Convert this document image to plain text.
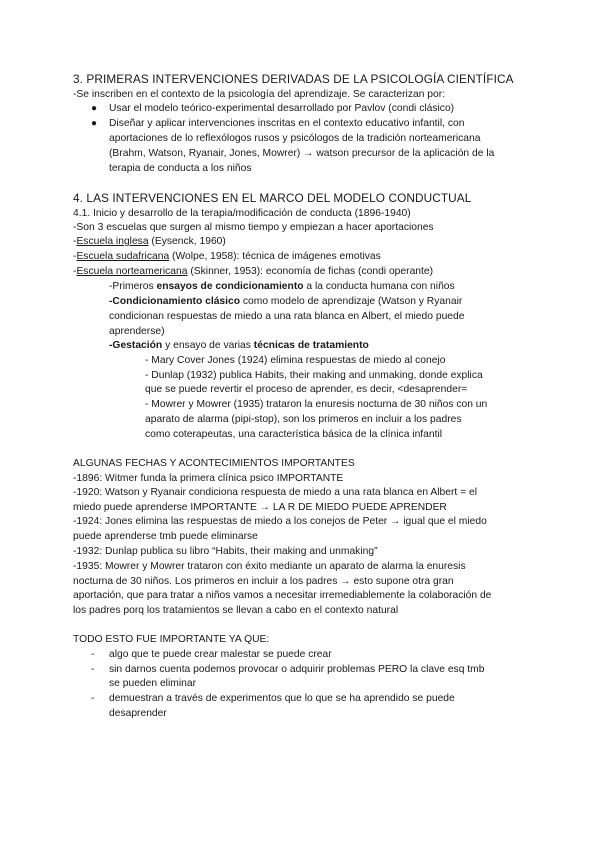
3. PRIMERAS INTERVENCIONES DERIVADAS DE LA PSICOLOGÍA CIENTÍFICA
-Se inscriben en el contexto de la psicología del aprendizaje. Se caracterizan por:
● Usar el modelo teórico-experimental desarrollado por Pavlov (condi clásico)
● Diseñar y aplicar intervenciones inscritas en el contexto educativo infantil, con
aportaciones de lo reflexólogos rusos y psicólogos de la tradición norteamericana
(Brahm, Watson, Ryanair, Jones, Mowrer) → watson precursor de la aplicación de la
terapia de conducta a los niños
4. LAS INTERVENCIONES EN EL MARCO DEL MODELO CONDUCTUAL
4.1. Inicio y desarrollo de la terapia/modificación de conducta (1896-1940)
-Son 3 escuelas que surgen al mismo tiempo y empiezan a hacer aportaciones
-Escuela inglesa (Eysenck, 1960)
-Escuela sudafricana (Wolpe, 1958): técnica de imágenes emotivas
-Escuela norteamericana (Skinner, 1953): economía de fichas (condi operante)
-Primeros ensayos de condicionamiento a la conducta humana con niños
-Condicionamiento clásico como modelo de aprendizaje (Watson y Ryanair
condicionan respuestas de miedo a una rata blanca en Albert, el miedo puede
aprenderse)
-Gestación y ensayo de varias técnicas de tratamiento
- Mary Cover Jones (1924) elimina respuestas de miedo al conejo
- Dunlap (1932) publica Habits, their making and unmaking, donde explica
que se puede revertir el proceso de aprender, es decir, <desaprender=
- Mowrer y Mowrer (1935) trataron la enuresis nocturna de 30 niños con un
aparato de alarma (pipi-stop), son los primeros en incluir a los padres
como coterapeutas, una característica básica de la clínica infantil
ALGUNAS FECHAS Y ACONTECIMIENTOS IMPORTANTES
-1896: Witmer funda la primera clínica psico IMPORTANTE
-1920: Watson y Ryanair condiciona respuesta de miedo a una rata blanca en Albert = el
miedo puede aprenderse IMPORTANTE → LA R DE MIEDO PUEDE APRENDER
-1924: Jones elimina las respuestas de miedo a los conejos de Peter → igual que el miedo
puede aprenderse tmb puede eliminarse
-1932: Dunlap publica su libro “Habits, their making and unmaking”
-1935: Mowrer y Mowrer trataron con éxito mediante un aparato de alarma la enuresis
nocturna de 30 niños. Los primeros en incluir a los padres → esto supone otra gran
aportación, que para tratar a niños vamos a necesitar irremediablemente la colaboración de
los padres porq los tratamientos se llevan a cabo en el contexto natural
TODO ESTO FUE IMPORTANTE YA QUE:
- algo que te puede crear malestar se puede crear
- sin darnos cuenta podemos provocar o adquirir problemas PERO la clave esq tmb
se pueden eliminar
- demuestran a través de experimentos que lo que se ha aprendido se puede
desaprender
